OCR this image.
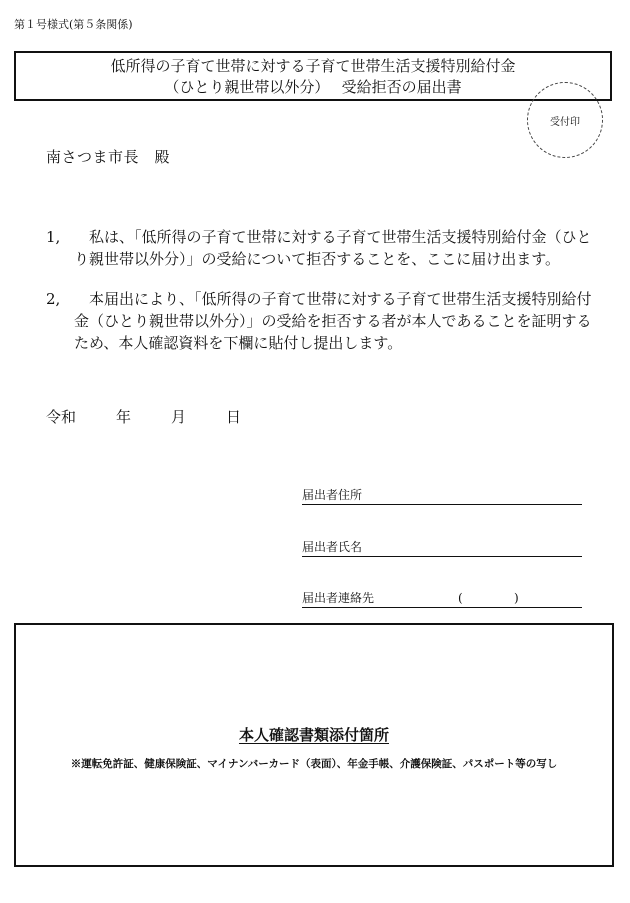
第１号様式(第５条関係)
低所得の子育て世帯に対する子育て世帯生活支援特別給付金
（ひとり親世帯以外分）　 受給拒否の届出書
受付印
南さつま市長　殿
1, 　私は、「低所得の子育て世帯に対する子育て世帯生活支援特別給付金（ひとり親世帯以外分）」の受給について拒否することを、ここに届け出ます。
2, 　本届出により、「低所得の子育て世帯に対する子育て世帯生活支援特別給付金（ひとり親世帯以外分）」の受給を拒否する者が本人であることを証明するため、本人確認資料を下欄に貼付し提出します。
令和	年	月	日
届出者住所
届出者氏名
届出者連絡先	(	)
本人確認書類添付箇所
※運転免許証、健康保険証、マイナンバーカード（表面）、年金手帳、介護保険証、パスポート等の写し
